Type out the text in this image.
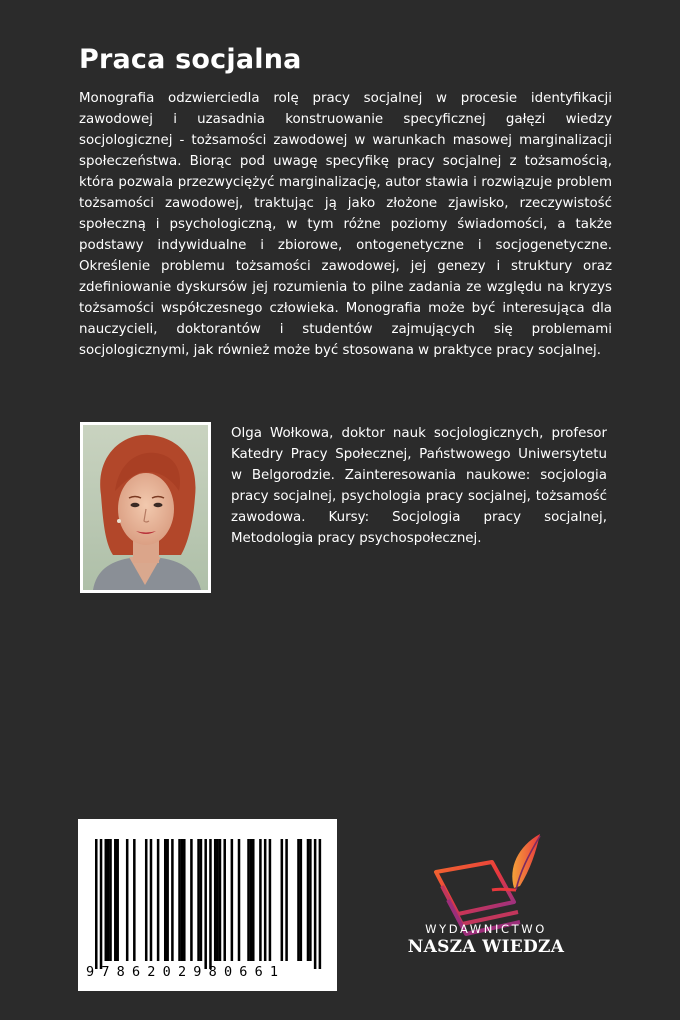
Praca socjalna

Monografia odzwierciedla rolę pracy socjalnej w procesie identyfikacji zawodowej i uzasadnia konstruowanie specyficznej gałęzi wiedzy socjologicznej - tożsamości zawodowej w warunkach masowej marginalizacji społeczeństwa. Biorąc pod uwagę specyfikę pracy socjalnej z tożsamością, która pozwala przezwyciężyć marginalizację, autor stawia i rozwiązuje problem tożsamości zawodowej, traktując ją jako złożone zjawisko, rzeczywistość społeczną i psychologiczną, w tym różne poziomy świadomości, a także podstawy indywidualne i zbiorowe, ontogenetyczne i socjogenetyczne. Określenie problemu tożsamości zawodowej, jej genezy i struktury oraz zdefiniowanie dyskursów jej rozumienia to pilne zadania ze względu na kryzys tożsamości współczesnego człowieka. Monografia może być interesująca dla nauczycieli, doktorantów i studentów zajmujących się problemami socjologicznymi, jak również może być stosowana w praktyce pracy socjalnej.

Olga Wołkowa, doktor nauk socjologicznych, profesor Katedry Pracy Społecznej, Państwowego Uniwersytetu w Belgorodzie. Zainteresowania naukowe: socjologia pracy socjalnej, psychologia pracy socjalnej, tożsamość zawodowa. Kursy: Socjologia pracy socjalnej, Metodologia pracy psychospołecznej.

9786202980661
WYDAWNICTWO
NASZA WIEDZA
